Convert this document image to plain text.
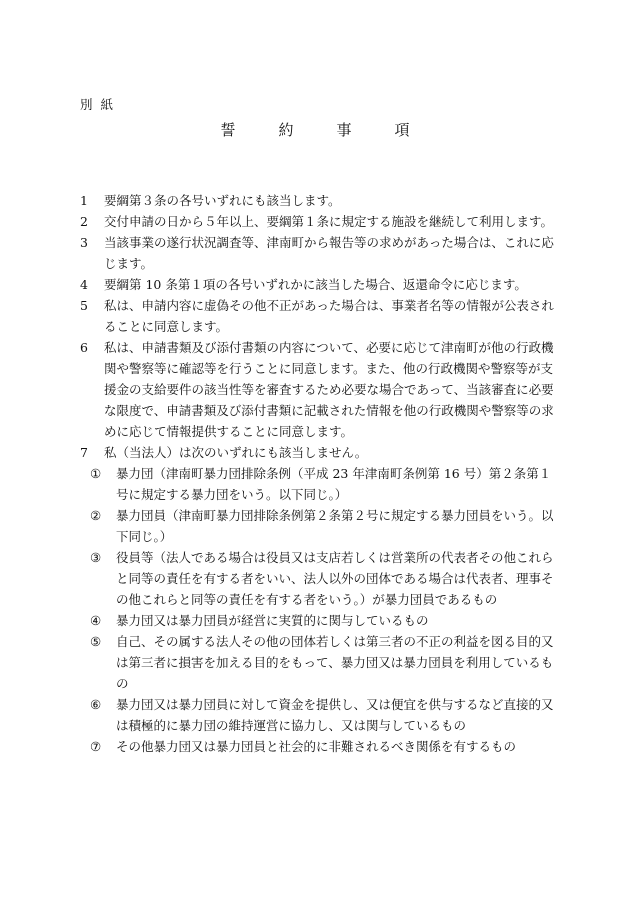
別紙
誓　約　事　項
1	要綱第３条の各号いずれにも該当します。
2	交付申請の日から５年以上、要綱第１条に規定する施設を継続して利用します。
3	当該事業の遂行状況調査等、津南町から報告等の求めがあった場合は、これに応じます。
4	要綱第 10 条第１項の各号いずれかに該当した場合、返還命令に応じます。
5	私は、申請内容に虚偽その他不正があった場合は、事業者名等の情報が公表されることに同意します。
6	私は、申請書類及び添付書類の内容について、必要に応じて津南町が他の行政機関や警察等に確認等を行うことに同意します。また、他の行政機関や警察等が支援金の支給要件の該当性等を審査するため必要な場合であって、当該審査に必要な限度で、申請書類及び添付書類に記載された情報を他の行政機関や警察等の求めに応じて情報提供することに同意します。
7	私（当法人）は次のいずれにも該当しません。
①	暴力団（津南町暴力団排除条例（平成 23 年津南町条例第 16 号）第２条第１号に規定する暴力団をいう。以下同じ。）
②	暴力団員（津南町暴力団排除条例第２条第２号に規定する暴力団員をいう。以下同じ。）
③	役員等（法人である場合は役員又は支店若しくは営業所の代表者その他これらと同等の責任を有する者をいい、法人以外の団体である場合は代表者、理事その他これらと同等の責任を有する者をいう。）が暴力団員であるもの
④	暴力団又は暴力団員が経営に実質的に関与しているもの
⑤	自己、その属する法人その他の団体若しくは第三者の不正の利益を図る目的又は第三者に損害を加える目的をもって、暴力団又は暴力団員を利用しているもの
⑥	暴力団又は暴力団員に対して資金を提供し、又は便宜を供与するなど直接的又は積極的に暴力団の維持運営に協力し、又は関与しているもの
⑦	その他暴力団又は暴力団員と社会的に非難されるべき関係を有するもの
